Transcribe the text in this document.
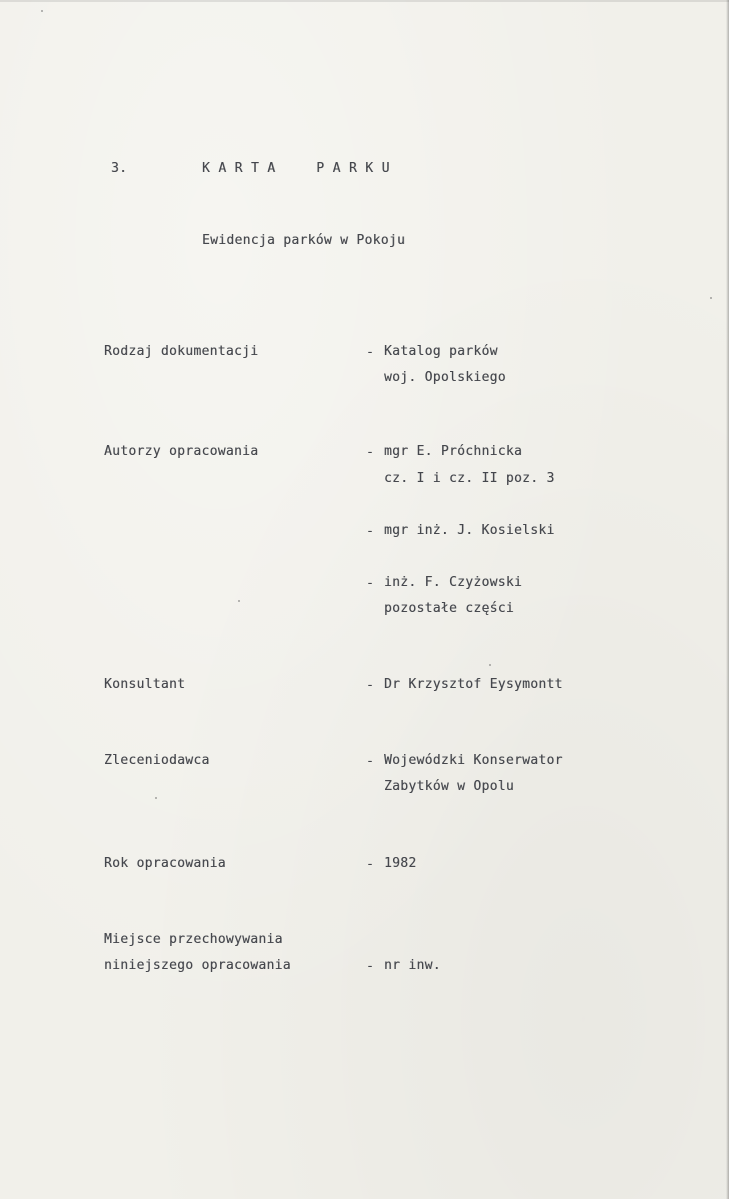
3.	KARTA  PARKU
Ewidencja parków w Pokoju
Rodzaj dokumentacji	- Katalog parków
woj. Opolskiego
Autorzy opracowania	- mgr E. Próchnicka
cz. I i cz. II poz. 3
- mgr inż. J. Kosielski
- inż. F. Czyżowski
pozostałe części
Konsultant	- Dr Krzysztof Eysymontt
Zleceniodawca	- Wojewódzki Konserwator
Zabytków w Opolu
Rok opracowania	- 1982
Miejsce przechowywania
niniejszego opracowania	- nr inw.
